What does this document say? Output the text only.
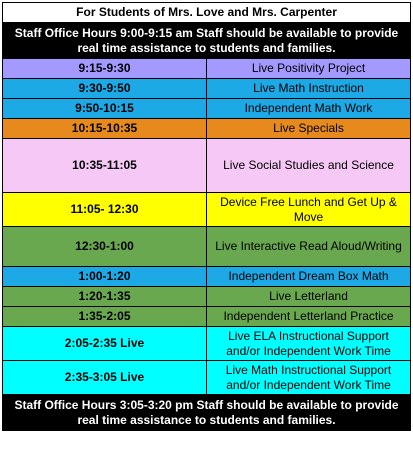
For Students of Mrs. Love and Mrs. Carpenter	
Staff Office Hours 9:00-9:15 am Staff should be available to provide real time assistance to students and families.	
9:15-9:30	Live Positivity Project
9:30-9:50	Live Math Instruction
9:50-10:15	Independent Math Work
10:15-10:35	Live Specials
10:35-11:05	Live Social Studies and Science
11:05- 12:30	Device Free Lunch and Get Up & Move
12:30-1:00	Live Interactive Read Aloud/Writing
1:00-1:20	Independent Dream Box Math
1:20-1:35	Live Letterland
1:35-2:05	Independent Letterland Practice
2:05-2:35 Live	Live ELA Instructional Support and/or Independent Work Time
2:35-3:05 Live	Live Math Instructional Support and/or Independent Work Time
Staff Office Hours 3:05-3:20 pm Staff should be available to provide real time assistance to students and families.	
